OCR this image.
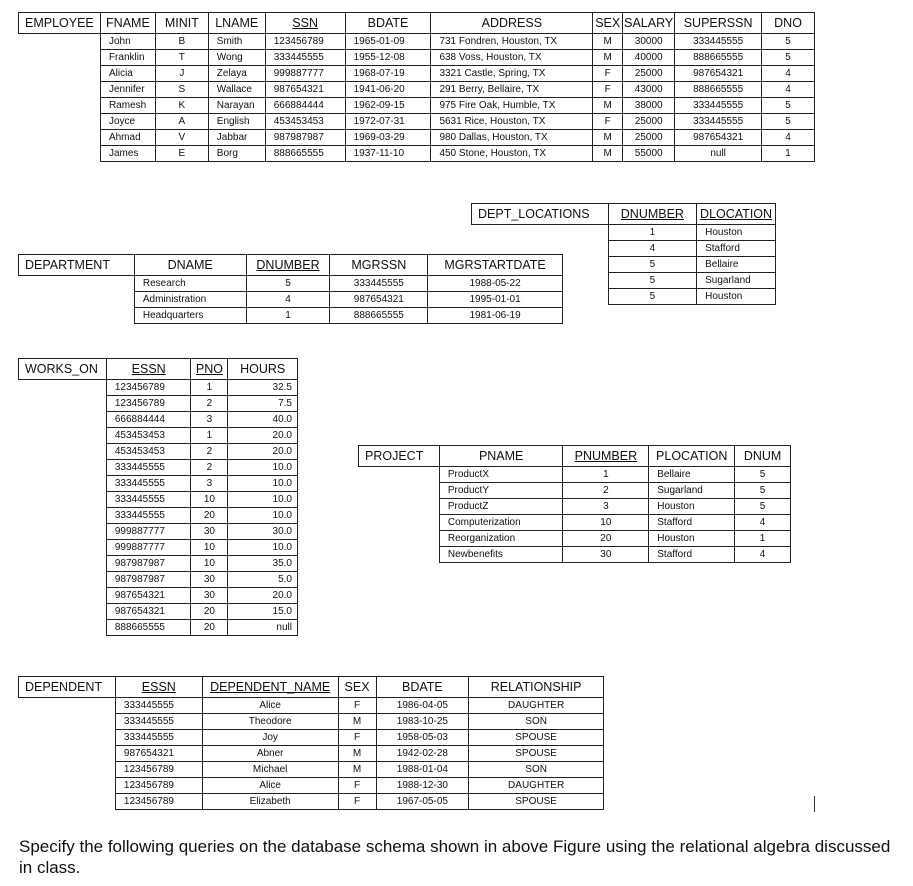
EMPLOYEE	FNAME	MINIT	LNAME	SSN	BDATE	ADDRESS	SEX	SALARY	SUPERSSN	DNO
	John	B	Smith	123456789	1965-01-09	731 Fondren, Houston, TX	M	30000	333445555	5
	Franklin	T	Wong	333445555	1955-12-08	638 Voss, Houston, TX	M	40000	888665555	5
	Alicia	J	Zelaya	999887777	1968-07-19	3321 Castle, Spring, TX	F	25000	987654321	4
	Jennifer	S	Wallace	987654321	1941-06-20	291 Berry, Bellaire, TX	F	43000	888665555	4
	Ramesh	K	Narayan	666884444	1962-09-15	975 Fire Oak, Humble, TX	M	38000	333445555	5
	Joyce	A	English	453453453	1972-07-31	5631 Rice, Houston, TX	F	25000	333445555	5
	Ahmad	V	Jabbar	987987987	1969-03-29	980 Dallas, Houston, TX	M	25000	987654321	4
	James	E	Borg	888665555	1937-11-10	450 Stone, Houston, TX	M	55000	null	1
DEPT_LOCATIONS	DNUMBER	DLOCATION
	1	Houston
	4	Stafford
	5	Bellaire
	5	Sugarland
	5	Houston
DEPARTMENT	DNAME	DNUMBER	MGRSSN	MGRSTARTDATE
	Research	5	333445555	1988-05-22
	Administration	4	987654321	1995-01-01
	Headquarters	1	888665555	1981-06-19
WORKS_ON	ESSN	PNO	HOURS
	123456789	1	32.5
	123456789	2	7.5
	666884444	3	40.0
	453453453	1	20.0
	453453453	2	20.0
	333445555	2	10.0
	333445555	3	10.0
	333445555	10	10.0
	333445555	20	10.0
	999887777	30	30.0
	999887777	10	10.0
	987987987	10	35.0
	987987987	30	5.0
	987654321	30	20.0
	987654321	20	15.0
	888665555	20	null
PROJECT	PNAME	PNUMBER	PLOCATION	DNUM
	ProductX	1	Bellaire	5
	ProductY	2	Sugarland	5
	ProductZ	3	Houston	5
	Computerization	10	Stafford	4
	Reorganization	20	Houston	1
	Newbenefits	30	Stafford	4
DEPENDENT	ESSN	DEPENDENT_NAME	SEX	BDATE	RELATIONSHIP
	333445555	Alice	F	1986-04-05	DAUGHTER
	333445555	Theodore	M	1983-10-25	SON
	333445555	Joy	F	1958-05-03	SPOUSE
	987654321	Abner	M	1942-02-28	SPOUSE
	123456789	Michael	M	1988-01-04	SON
	123456789	Alice	F	1988-12-30	DAUGHTER
	123456789	Elizabeth	F	1967-05-05	SPOUSE

Specify the following queries on the database schema shown in above Figure using the relational algebra discussed in class.
